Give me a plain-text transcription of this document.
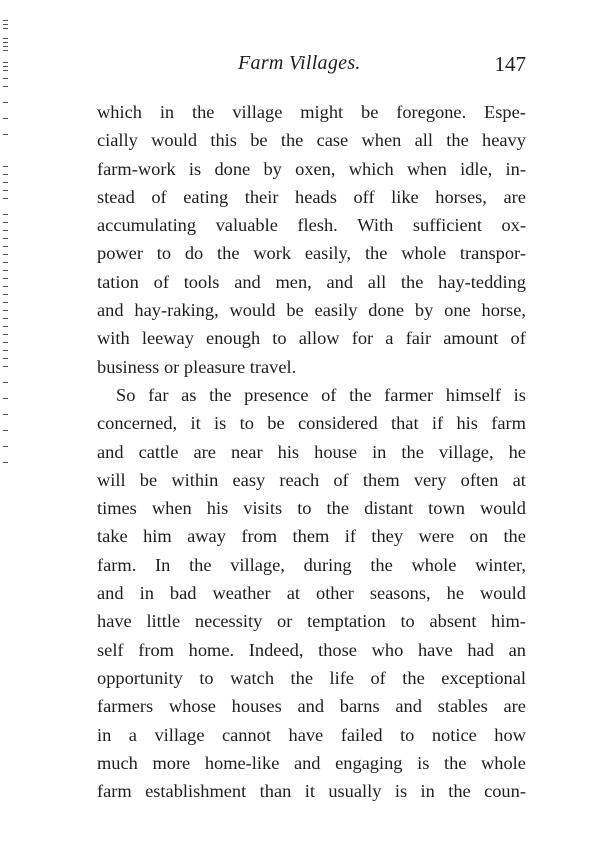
Farm Villages.	147
which in the village might be foregone. Espe-
cially would this be the case when all the heavy
farm-work is done by oxen, which when idle, in-
stead of eating their heads off like horses, are
accumulating valuable flesh. With sufficient ox-
power to do the work easily, the whole transpor-
tation of tools and men, and all the hay-tedding
and hay-raking, would be easily done by one horse,
with leeway enough to allow for a fair amount of
business
or
pleasure
travel.

So far as the presence of the farmer himself is
concerned, it is to be considered that if his farm
and cattle are near his house in the village, he
will be within easy reach of them very often at
times when his visits to the distant town would
take him away from them if they were on the
farm. In the village, during the whole winter,
and in bad weather at other seasons, he would
have little necessity or temptation to absent him-
self from home. Indeed, those who have had an
opportunity to watch the life of the exceptional
farmers whose houses and barns and stables are
in a village cannot have failed to notice how
much more home-like and engaging is the whole
farm establishment than it usually is in the coun-
